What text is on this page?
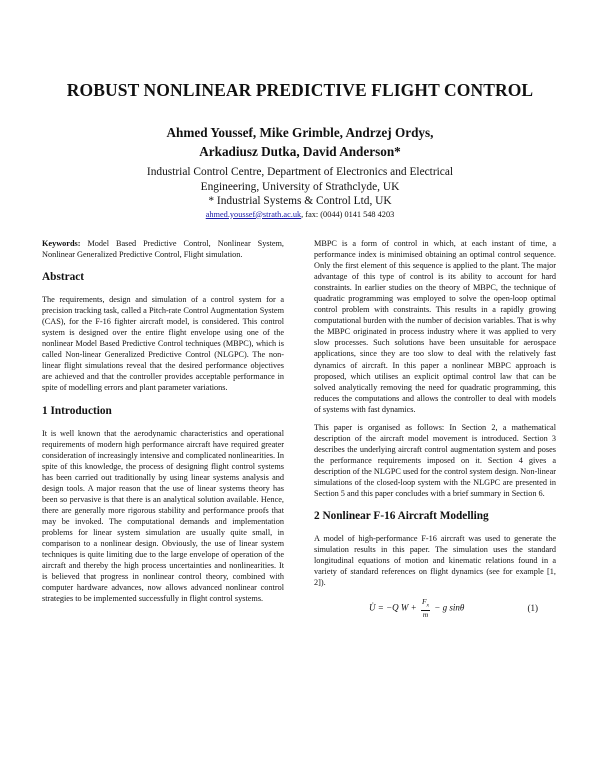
ROBUST NONLINEAR PREDICTIVE FLIGHT CONTROL
Ahmed Youssef, Mike Grimble, Andrzej Ordys,
Arkadiusz Dutka, David Anderson*
Industrial Control Centre, Department of Electronics and Electrical
Engineering, University of Strathclyde, UK
* Industrial Systems & Control Ltd, UK
ahmed.youssef@strath.ac.uk, fax: (0044) 0141 548 4203

Keywords: Model Based Predictive Control, Nonlinear System, Nonlinear Generalized Predictive Control, Flight simulation.

Abstract

The requirements, design and simulation of a control system for a precision tracking task, called a Pitch-rate Control Augmentation System (CAS), for the F-16 fighter aircraft model, is considered. This control system is designed over the entire flight envelope using one of the nonlinear Model Based Predictive Control techniques (MBPC), which is called Non-linear Generalized Predictive Control (NLGPC). The non-linear flight simulations reveal that the desired performance objectives are achieved and that the controller provides acceptable performance in spite of modelling errors and plant parameter variations.

1 Introduction

It is well known that the aerodynamic characteristics and operational requirements of modern high performance aircraft have required greater consideration of increasingly intensive and complicated nonlinearities. In spite of this knowledge, the process of designing flight control systems has been carried out traditionally by using linear systems analysis and design tools. A major reason that the use of linear systems theory has been so pervasive is that there is an analytical solution available. Hence, there are generally more rigorous stability and performance proofs that may be invoked. The computational demands and implementation problems for linear system simulation are usually quite small, in comparison to a nonlinear design. Obviously, the use of linear system techniques is quite limiting due to the large envelope of operation of the aircraft and thereby the high process uncertainties and nonlinearities. It is believed that progress in nonlinear control theory, combined with computer hardware advances, now allows advanced nonlinear control strategies to be implemented successfully in flight control systems.

MBPC is a form of control in which, at each instant of time, a performance index is minimised obtaining an optimal control sequence. Only the first element of this sequence is applied to the plant. The major advantage of this type of control is its ability to account for hard constraints. In earlier studies on the theory of MBPC, the technique of quadratic programming was employed to solve the open-loop optimal control problem with constraints. This results in a rapidly growing computational burden with the number of decision variables. That is why the MBPC originated in process industry where it was applied to very slow processes. Such solutions have been unsuitable for aerospace applications, since they are too slow to deal with the relatively fast dynamics of aircraft. In this paper a nonlinear MBPC approach is proposed, which utilises an explicit optimal control law that can be solved analytically removing the need for quadratic programming, this reduces the computations and allows the controller to deal with models of systems with fast dynamics.

This paper is organised as follows: In Section 2, a mathematical description of the aircraft model movement is introduced. Section 3 describes the underlying aircraft control augmentation system and poses the performance requirements imposed on it. Section 4 gives a description of the NLGPC used for the control system design. Non-linear simulations of the closed-loop system with the NLGPC are presented in Section 5 and this paper concludes with a brief summary in Section 6.

2 Nonlinear F-16 Aircraft Modelling

A model of high-performance F-16 aircraft was used to generate the simulation results in this paper. The simulation uses the standard longitudinal equations of motion and kinematic relations found in a variety of standard references on flight dynamics (see for example [1, 2]).

U̇ = −Q $W + \frac{F_x}{m} - g$ sinθ	(1)
